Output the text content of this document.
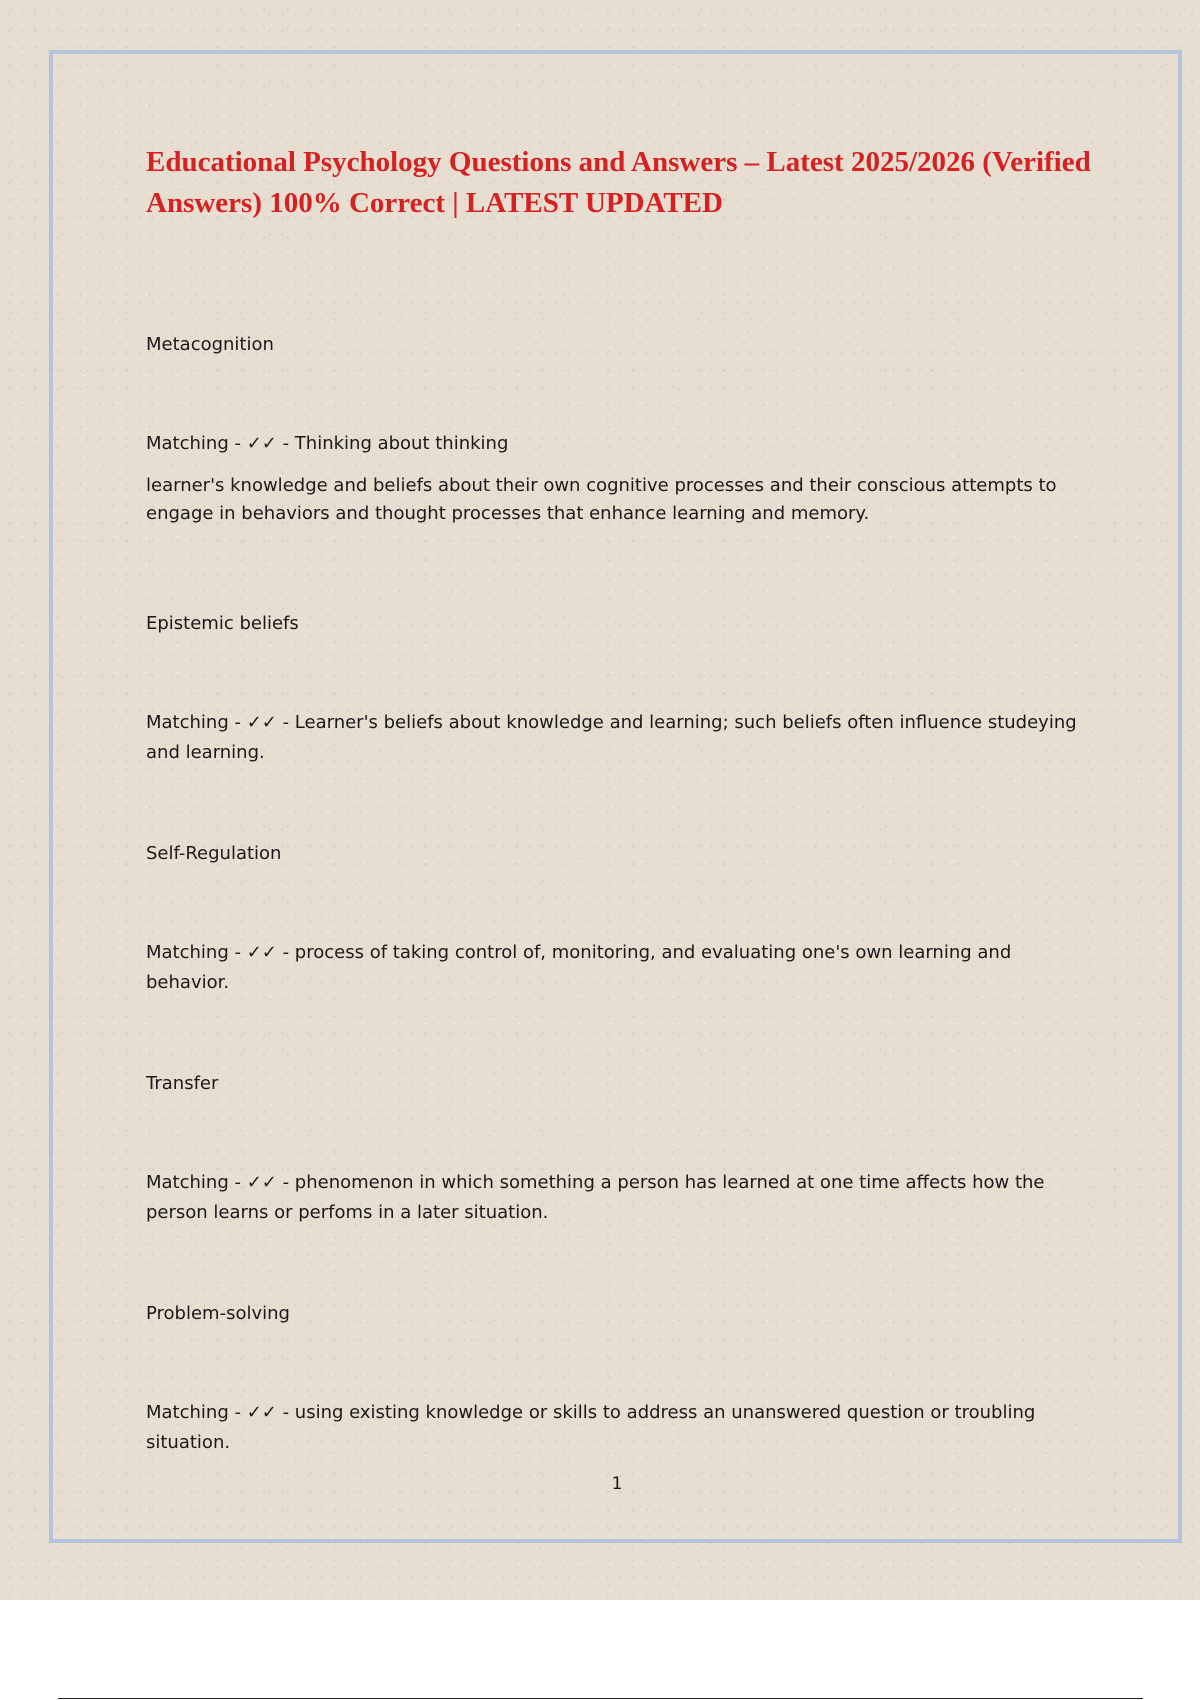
Educational Psychology Questions and Answers – Latest 2025/2026 (Verified Answers) 100% Correct | LATEST UPDATED

Metacognition

Matching - ✓✓ - Thinking about thinking

learner's knowledge and beliefs about their own cognitive processes and their conscious attempts to engage in behaviors and thought processes that enhance learning and memory.

Epistemic beliefs

Matching - ✓✓ - Learner's beliefs about knowledge and learning; such beliefs often influence studeying and learning.

Self-Regulation

Matching - ✓✓ - process of taking control of, monitoring, and evaluating one's own learning and behavior.

Transfer

Matching - ✓✓ - phenomenon in which something a person has learned at one time affects how the person learns or perfoms in a later situation.

Problem-solving

Matching - ✓✓ - using existing knowledge or skills to address an unanswered question or troubling situation.

1
